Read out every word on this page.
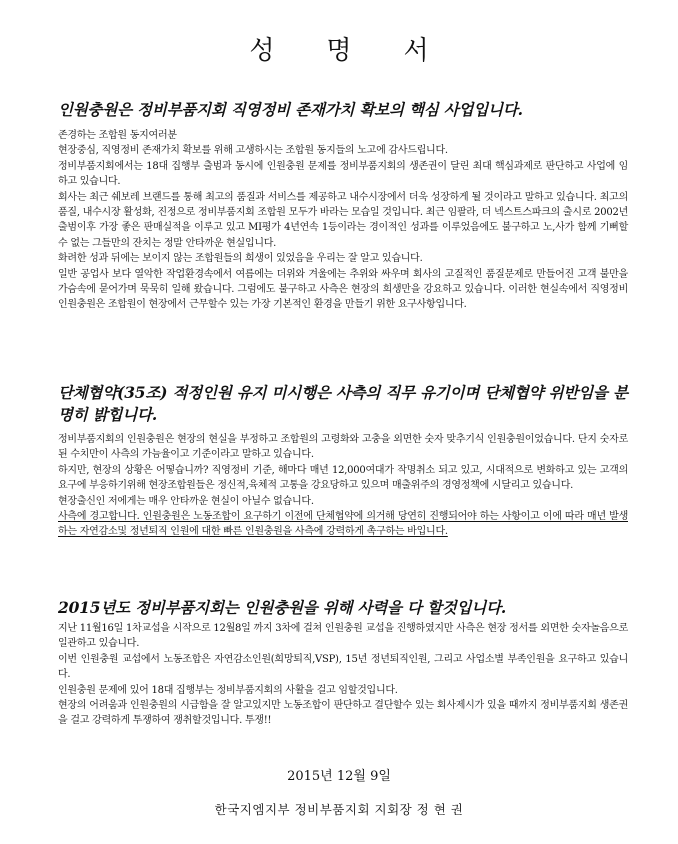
성명서
인원충원은 정비부품지회 직영정비 존재가치 확보의 핵심 사업입니다.

존경하는 조합원 동지여러분

현장중심, 직영정비 존재가치 확보를 위해 고생하시는 조합원 동지들의 노고에 감사드립니다.

정비부품지회에서는 18대 집행부 출범과 동시에 인원충원 문제를 정비부품지회의 생존권이 달린 최대 핵심과제로 판단하고 사업에 임하고 있습니다.

회사는 최근 쉐보레 브랜드를 통해 최고의 품질과 서비스를 제공하고 내수시장에서 더욱 성장하게 될 것이라고 말하고 있습니다. 최고의 품질, 내수시장 활성화, 진정으로 정비부품지회 조합원 모두가 바라는 모습일 것입니다. 최근 임팔라, 더 넥스트스파크의 출시로 2002년 출범이후 가장 좋은 판매실적을 이루고 있고 MI평가 4년연속 1등이라는 경이적인 성과를 이루었음에도 불구하고 노,사가 함께 기뻐할수 없는 그들만의 잔치는 정말 안타까운 현실입니다.

화려한 성과 뒤에는 보이지 않는 조합원들의 희생이 있었음을 우리는 잘 알고 있습니다.

일반 공업사 보다 열악한 작업환경속에서 여름에는 더위와 겨울에는 추위와 싸우며 회사의 고질적인 품질문제로 만들어진 고객 불만을 가슴속에 묻어가며 묵묵히 일해 왔습니다. 그럼에도 불구하고 사측은 현장의 희생만을 강요하고 있습니다. 이러한 현실속에서 직영정비 인원충원은 조합원이 현장에서 근무할수 있는 가장 기본적인 환경을 만들기 위한 요구사항입니다.

단체협약(35조) 적정인원 유지 미시행은 사측의 직무 유기이며 단체협약 위반임을 분명히 밝힙니다.

정비부품지회의 인원충원은 현장의 현실을 부정하고 조합원의 고령화와 고충을 외면한 숫자 맞추기식 인원충원이었습니다. 단지 숫자로된 수치만이 사측의 가늠율이고 기준이라고 말하고 있습니다.

하지만, 현장의 상황은 어떻습니까? 직영정비 기준, 해마다 매년 12,000여대가 작명취소 되고 있고, 시대적으로 변화하고 있는 고객의 요구에 부응하기위해 현장조합원들은 정신적,육체적 고통을 강요당하고 있으며 매출위주의 경영정책에 시달리고 있습니다.

현장출신인 저에게는 매우 안타까운 현실이 아닐수 없습니다.

사측에 경고합니다. 인원충원은 노동조합이 요구하기 이전에 단체협약에 의거해 당연히 진행되어야 하는 사항이고 이에 따라 매년 발생하는 자연감소및 정년퇴직 인원에 대한 빠른 인원충원을 사측에 강력하게 촉구하는 바입니다.

2015년도 정비부품지회는 인원충원을 위해 사력을 다 할것입니다.

지난 11월16일 1차교섭을 시작으로 12월8일 까지 3차에 걸쳐 인원충원 교섭을 진행하였지만 사측은 현장 정서를 외면한 숫자놀음으로 일관하고 있습니다.

이번 인원충원 교섭에서 노동조합은 자연감소인원(희망퇴직,VSP), 15년 정년퇴직인원, 그리고 사업소별 부족인원을 요구하고 있습니다.

인원충원 문제에 있어 18대 집행부는 정비부품지회의 사활을 걸고 임할것입니다.

현장의 어려움과 인원충원의 시급함을 잘 알고있지만 노동조합이 판단하고 결단할수 있는 회사제시가 있을 때까지 정비부품지회 생존권을 걸고 강력하게 투쟁하여 쟁취할것입니다. 투쟁!!

2015년 12월 9일
한국지엠지부 정비부품지회 지회장 정 현 권
